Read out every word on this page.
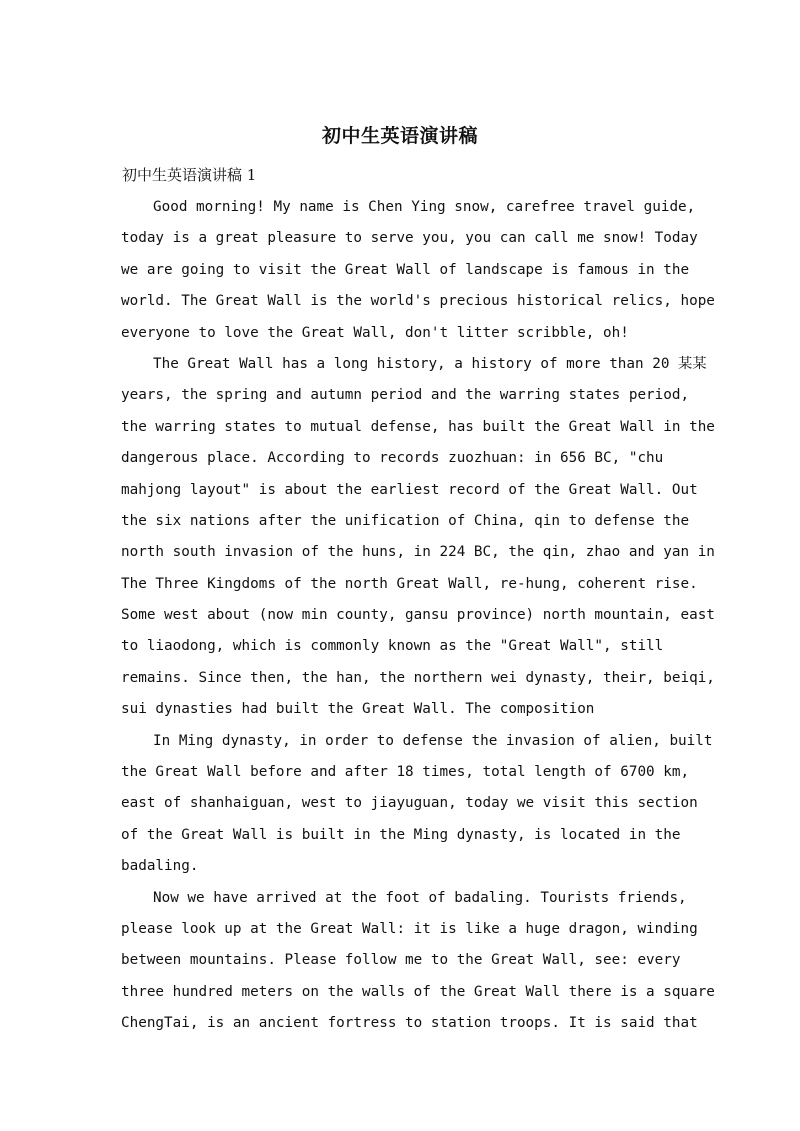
初中生英语演讲稿
初中生英语演讲稿 1
Good morning! My name is Chen Ying snow, carefree travel guide,
today is a great pleasure to serve you, you can call me snow! Today
we are going to visit the Great Wall of landscape is famous in the
world. The Great Wall is the world's precious historical relics, hope
everyone to love the Great Wall, don't litter scribble, oh!
The Great Wall has a long history, a history of more than 20 某某
years, the spring and autumn period and the warring states period,
the warring states to mutual defense, has built the Great Wall in the
dangerous place. According to records zuozhuan: in 656 BC, "chu
mahjong layout" is about the earliest record of the Great Wall. Out
the six nations after the unification of China, qin to defense the
north south invasion of the huns, in 224 BC, the qin, zhao and yan in
The Three Kingdoms of the north Great Wall, re-hung, coherent rise.
Some west about (now min county, gansu province) north mountain, east
to liaodong, which is commonly known as the "Great Wall", still
remains. Since then, the han, the northern wei dynasty, their, beiqi,
sui dynasties had built the Great Wall. The composition
In Ming dynasty, in order to defense the invasion of alien, built
the Great Wall before and after 18 times, total length of 6700 km,
east of shanhaiguan, west to jiayuguan, today we visit this section
of the Great Wall is built in the Ming dynasty, is located in the
badaling.
Now we have arrived at the foot of badaling. Tourists friends,
please look up at the Great Wall: it is like a huge dragon, winding
between mountains. Please follow me to the Great Wall, see: every
three hundred meters on the walls of the Great Wall there is a square
ChengTai, is an ancient fortress to station troops. It is said that
